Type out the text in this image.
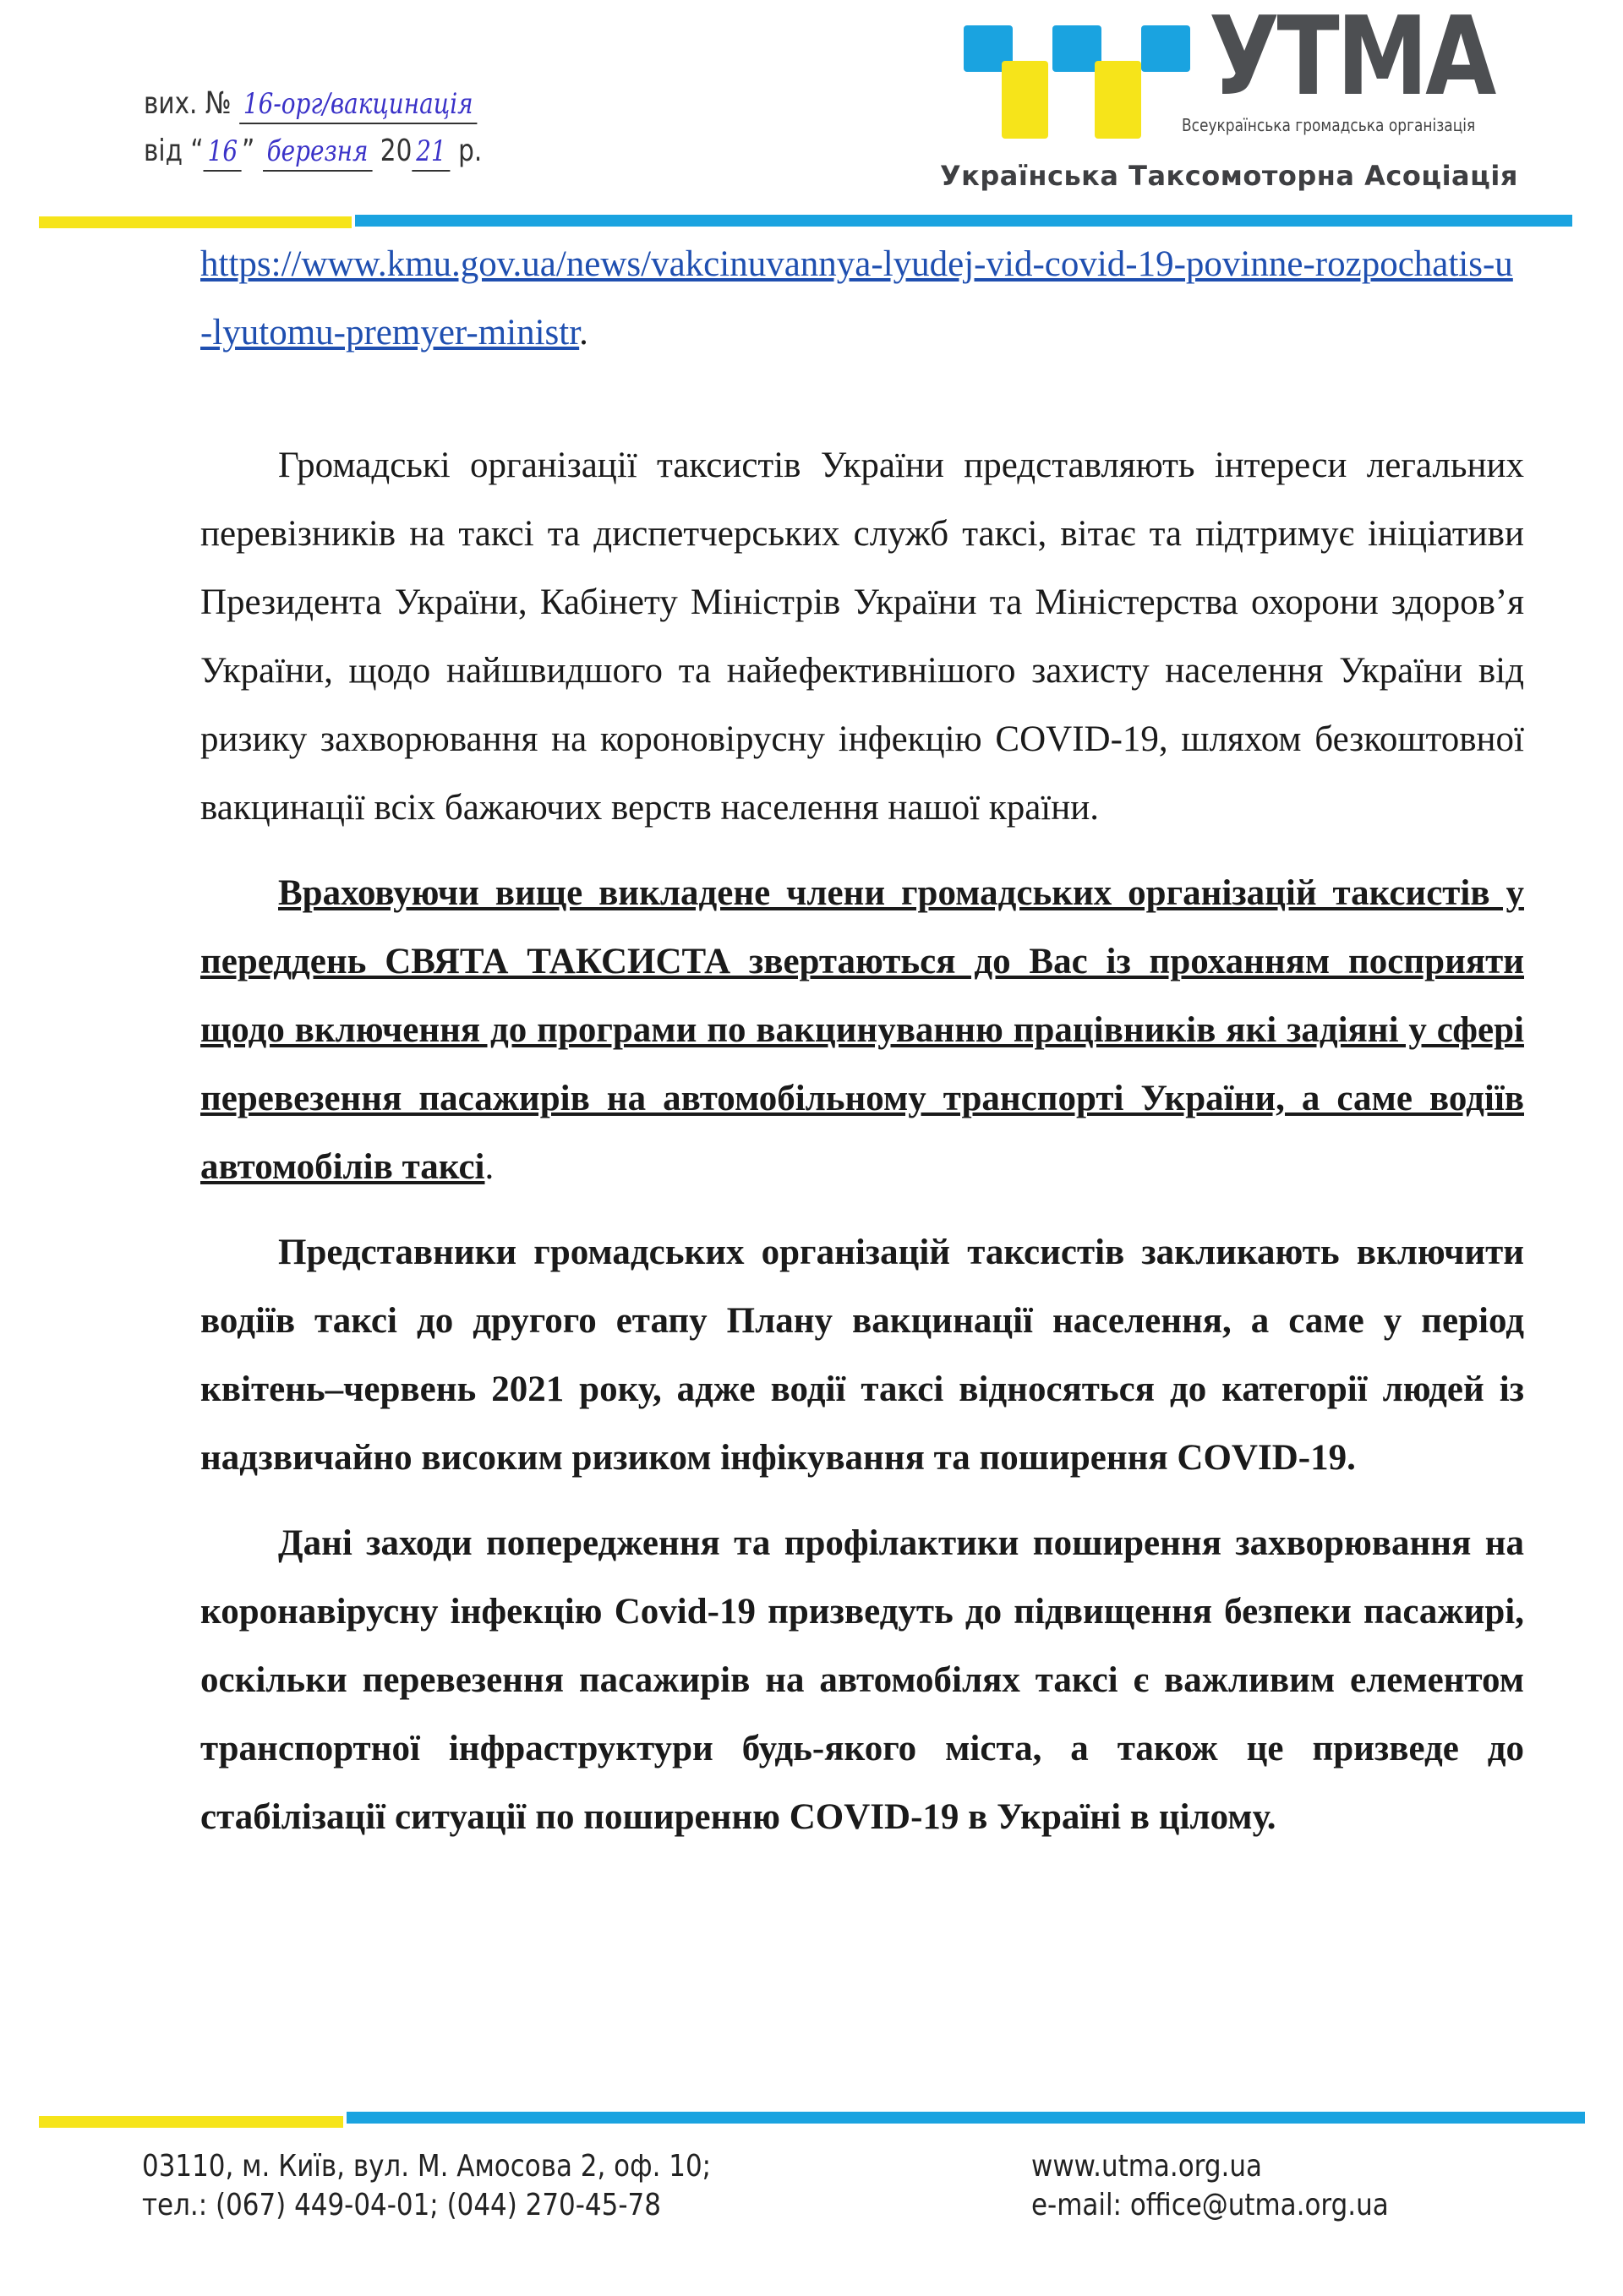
вих. № 16-орг/вакцинація
від “ 16 ” березня 20 21 р.
УТМА
Всеукраїнська громадська організація
Українська Таксомоторна Асоціація
https://www.kmu.gov.ua/news/vakcinuvannya-lyudej-vid-covid-19-povinne-rozpochatis-u-lyutomu-premyer-ministr.

Громадські організації таксистів України представляють інтереси легальних перевізників на таксі та диспетчерських служб таксі, вітає та підтримує ініціативи Президента України, Кабінету Міністрів України та Міністерства охорони здоров’я України, щодо найшвидшого та найефективнішого захисту населення України від ризику захворювання на короновірусну інфекцію COVID-19, шляхом безкоштовної вакцинації всіх бажаючих верств населення нашої країни.

Враховуючи вище викладене члени громадських організацій таксистів у переддень СВЯТА ТАКСИСТА звертаються до Вас із проханням посприяти щодо включення до програми по вакцинуванню працівників які задіяні у сфері перевезення пасажирів на автомобільному транспорті України, а саме водіїв автомобілів таксі.

Представники громадських організацій таксистів закликають включити водіїв таксі до другого етапу Плану вакцинації населення, а саме у період квітень–червень 2021 року, адже водії таксі відносяться до категорії людей із надзвичайно високим ризиком інфікування та поширення COVID-19.

Дані заходи попередження та профілактики поширення захворювання на коронавірусну інфекцію Covid-19 призведуть до підвищення безпеки пасажирі, оскільки перевезення пасажирів на автомобілях таксі є важливим елементом транспортної інфраструктури будь-якого міста, а також це призведе до стабілізації ситуації по поширенню COVID-19 в Україні в цілому.

03110, м. Київ, вул. М. Амосова 2, оф. 10;
тел.: (067) 449-04-01; (044) 270-45-78
www.utma.org.ua
e-mail: office@utma.org.ua
